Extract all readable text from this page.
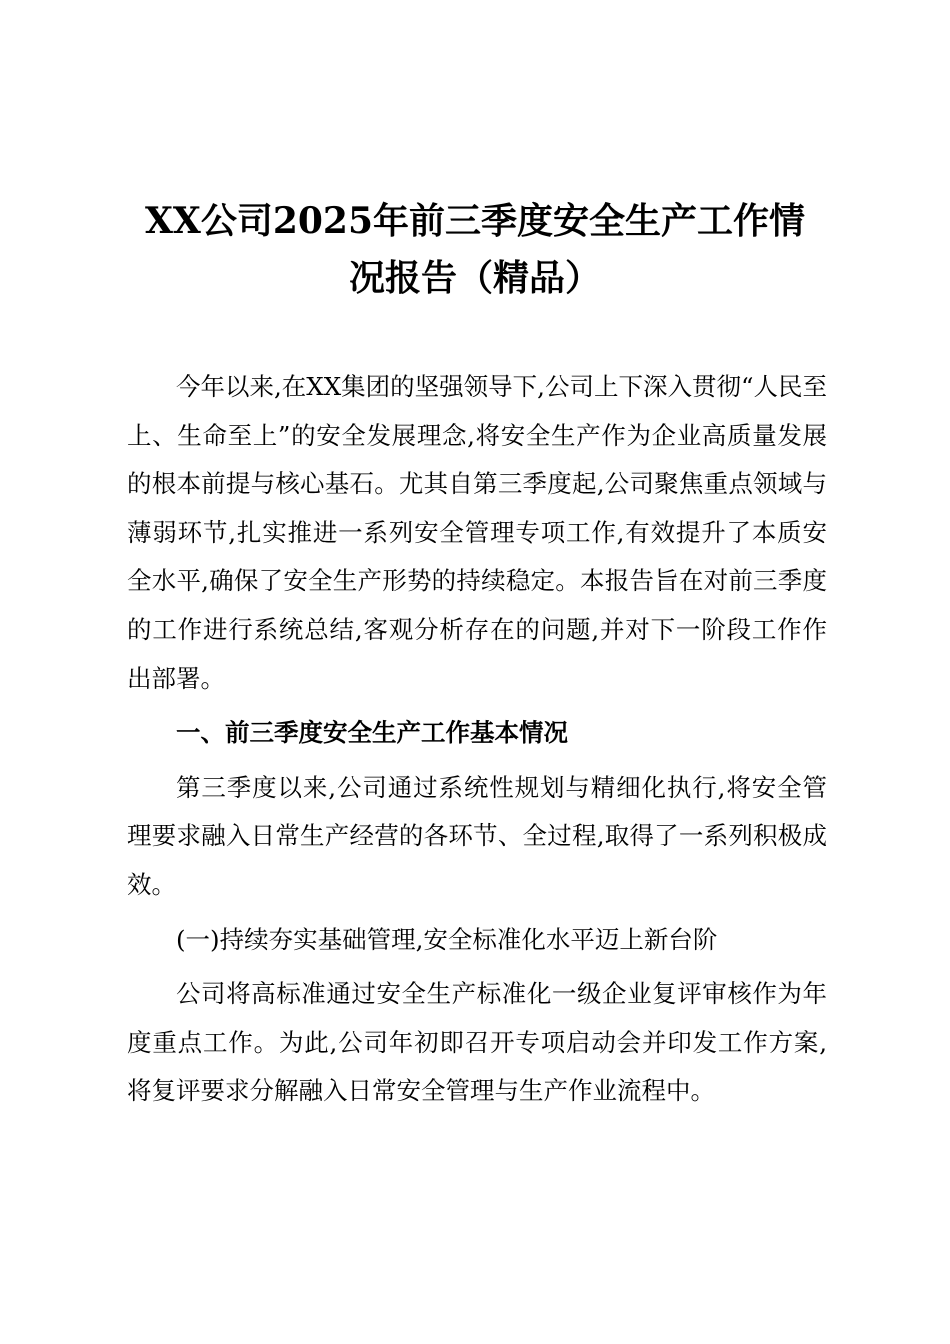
XX公司2025年前三季度安全生产工作情
况报告（精品）

今年以来,在XX集团的坚强领导下,公司上下深入贯彻“人民至上、生命至上”的安全发展理念,将安全生产作为企业高质量发展的根本前提与核心基石。尤其自第三季度起,公司聚焦重点领域与薄弱环节,扎实推进一系列安全管理专项工作,有效提升了本质安全水平,确保了安全生产形势的持续稳定。本报告旨在对前三季度的工作进行系统总结,客观分析存在的问题,并对下一阶段工作作出部署。

一、前三季度安全生产工作基本情况

第三季度以来,公司通过系统性规划与精细化执行,将安全管理要求融入日常生产经营的各环节、全过程,取得了一系列积极成效。

(一)持续夯实基础管理,安全标准化水平迈上新台阶

公司将高标准通过安全生产标准化一级企业复评审核作为年度重点工作。为此,公司年初即召开专项启动会并印发工作方案,将复评要求分解融入日常安全管理与生产作业流程中。
